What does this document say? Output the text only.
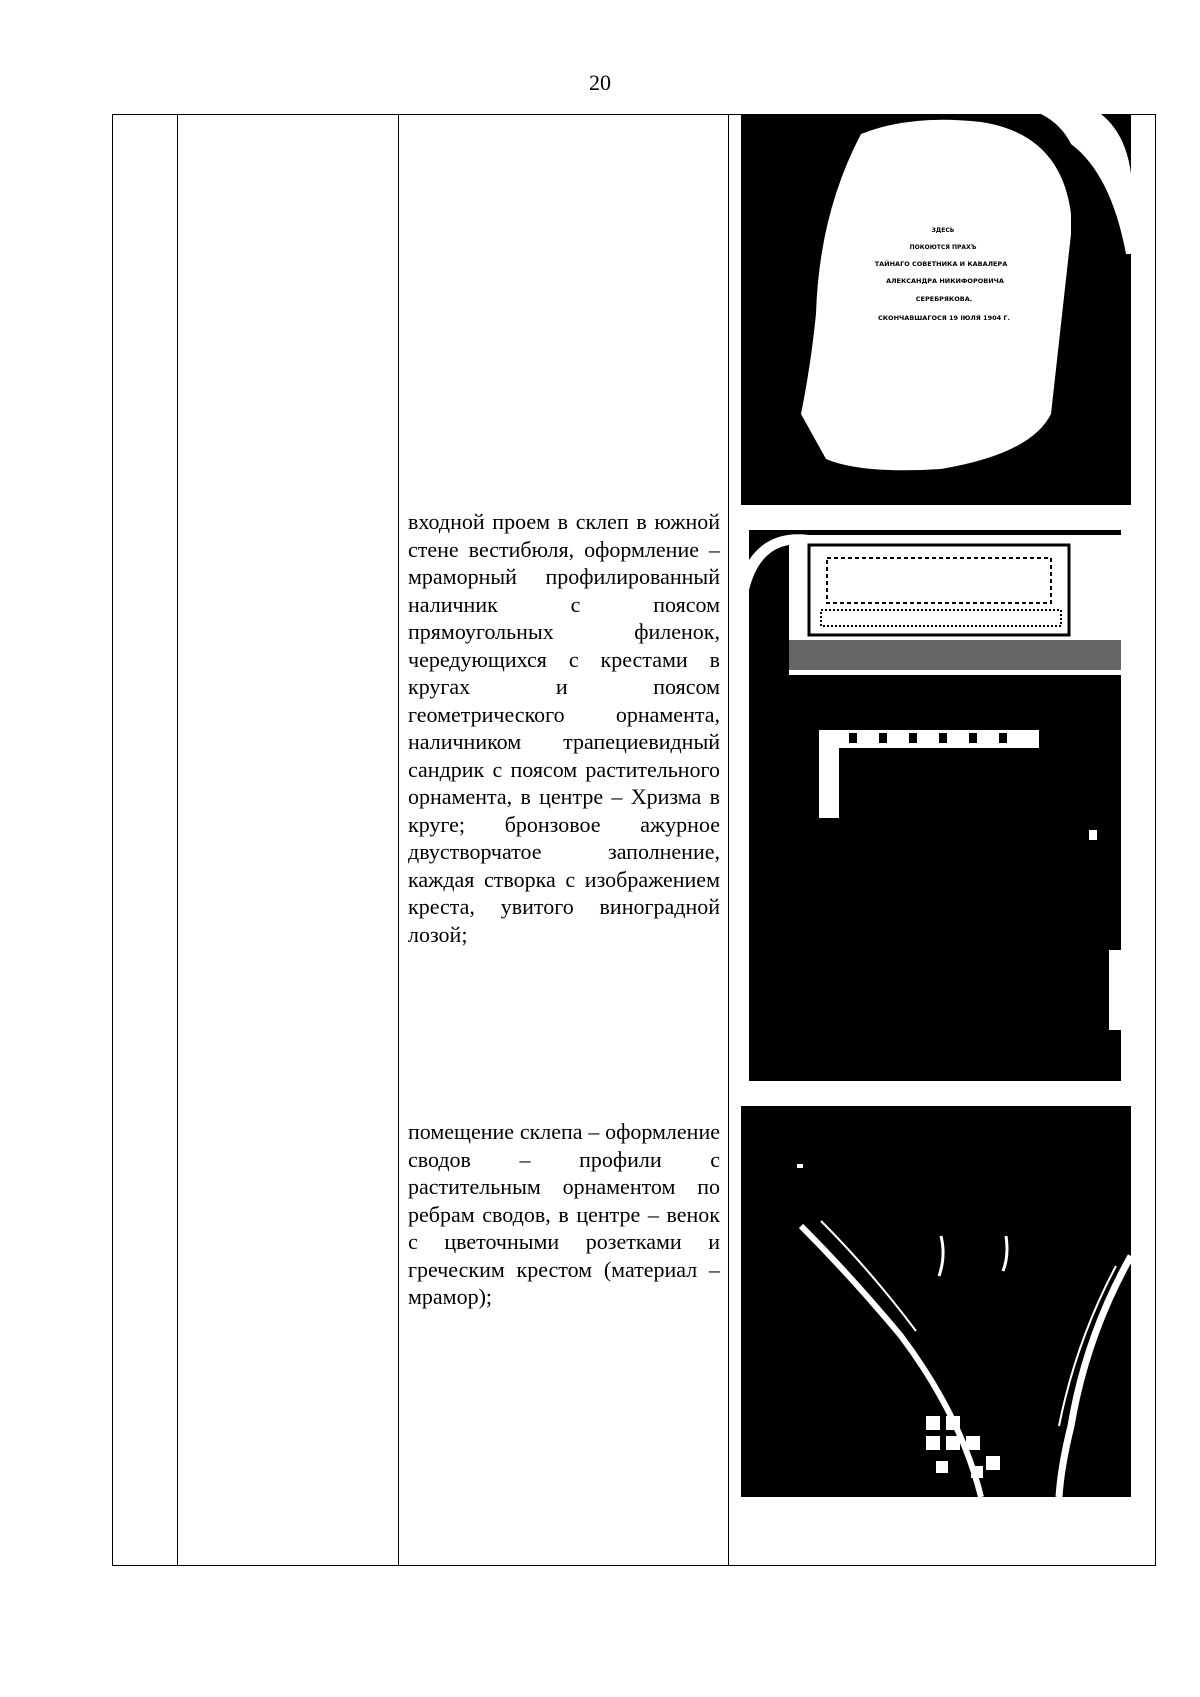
20
ЗДЕСЬ
ПОКОЮТСЯ ПРАХЪ
ТАЙНАГО СОВЕТНИКА И КАВАЛЕРА
АЛЕКСАНДРА НИКИФОРОВИЧА
СЕРЕБРЯКОВА.
СКОНЧАВШАГОСЯ 19 ІЮЛЯ 1904 Г.
входной проем в склеп в южной стене вестибюля, оформление – мраморный профилированный наличник с поясом прямоугольных филенок, чередующихся с крестами в кругах и поясом геометрического орнамента, наличником трапециевидный сандрик с поясом растительного орнамента, в центре – Хризма в круге; бронзовое ажурное двустворчатое заполнение, каждая створка с изображением креста, увитого виноградной лозой;
помещение склепа – оформление сводов – профили с растительным орнаментом по ребрам сводов, в центре – венок с цветочными розетками и греческим крестом (материал – мрамор);
